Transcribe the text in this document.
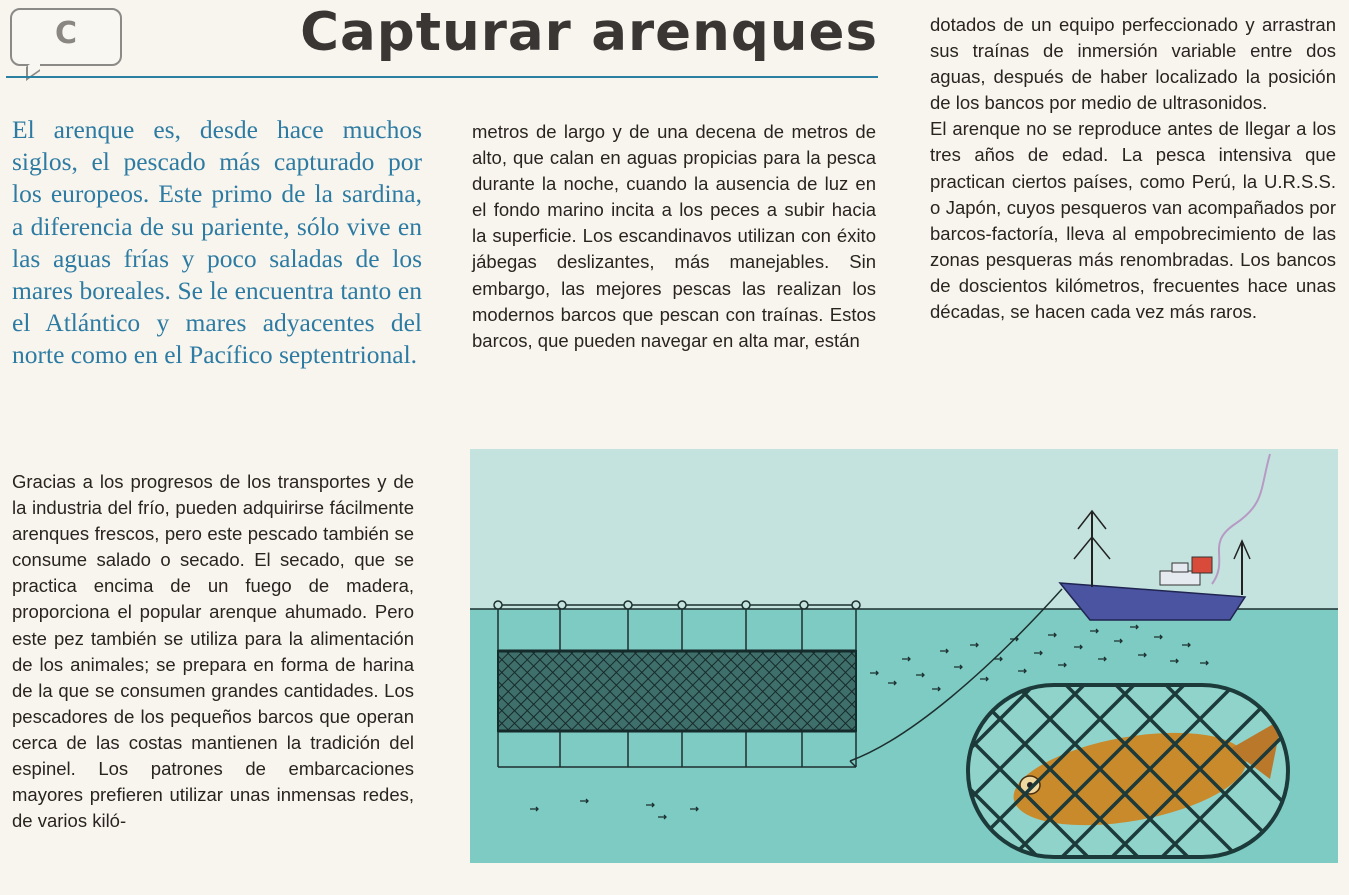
C	Capturar arenques

El arenque es, desde hace muchos siglos, el pescado más capturado por los europeos. Este primo de la sardina, a diferencia de su pariente, sólo vive en las aguas frías y poco saladas de los mares boreales. Se le encuentra tanto en el Atlántico y mares adyacentes del norte como en el Pacífico septentrional.

Gracias a los progresos de los transportes y de la industria del frío, pueden adquirirse fácilmente arenques frescos, pero este pescado también se consume salado o secado. El secado, que se practica encima de un fuego de madera, proporciona el popular arenque ahumado. Pero este pez también se utiliza para la alimentación de los animales; se prepara en forma de harina de la que se consumen grandes cantidades. Los pescadores de los pequeños barcos que operan cerca de las costas mantienen la tradición del espinel. Los patrones de embarcaciones mayores prefieren utilizar unas inmensas redes, de varios kiló-

metros de largo y de una decena de metros de alto, que calan en aguas propicias para la pesca durante la noche, cuando la ausencia de luz en el fondo marino incita a los peces a subir hacia la superficie. Los escandinavos utilizan con éxito jábegas deslizantes, más manejables. Sin embargo, las mejores pescas las realizan los modernos barcos que pescan con traínas. Estos barcos, que pueden navegar en alta mar, están

dotados de un equipo perfeccionado y arrastran sus traínas de inmersión variable entre dos aguas, después de haber localizado la posición de los bancos por medio de ultrasonidos.

El arenque no se reproduce antes de llegar a los tres años de edad. La pesca intensiva que practican ciertos países, como Perú, la U.R.S.S. o Japón, cuyos pesqueros van acompañados por barcos-factoría, lleva al empobrecimiento de las zonas pesqueras más renombradas. Los bancos de doscientos kilómetros, frecuentes hace unas décadas, se hacen cada vez más raros.
